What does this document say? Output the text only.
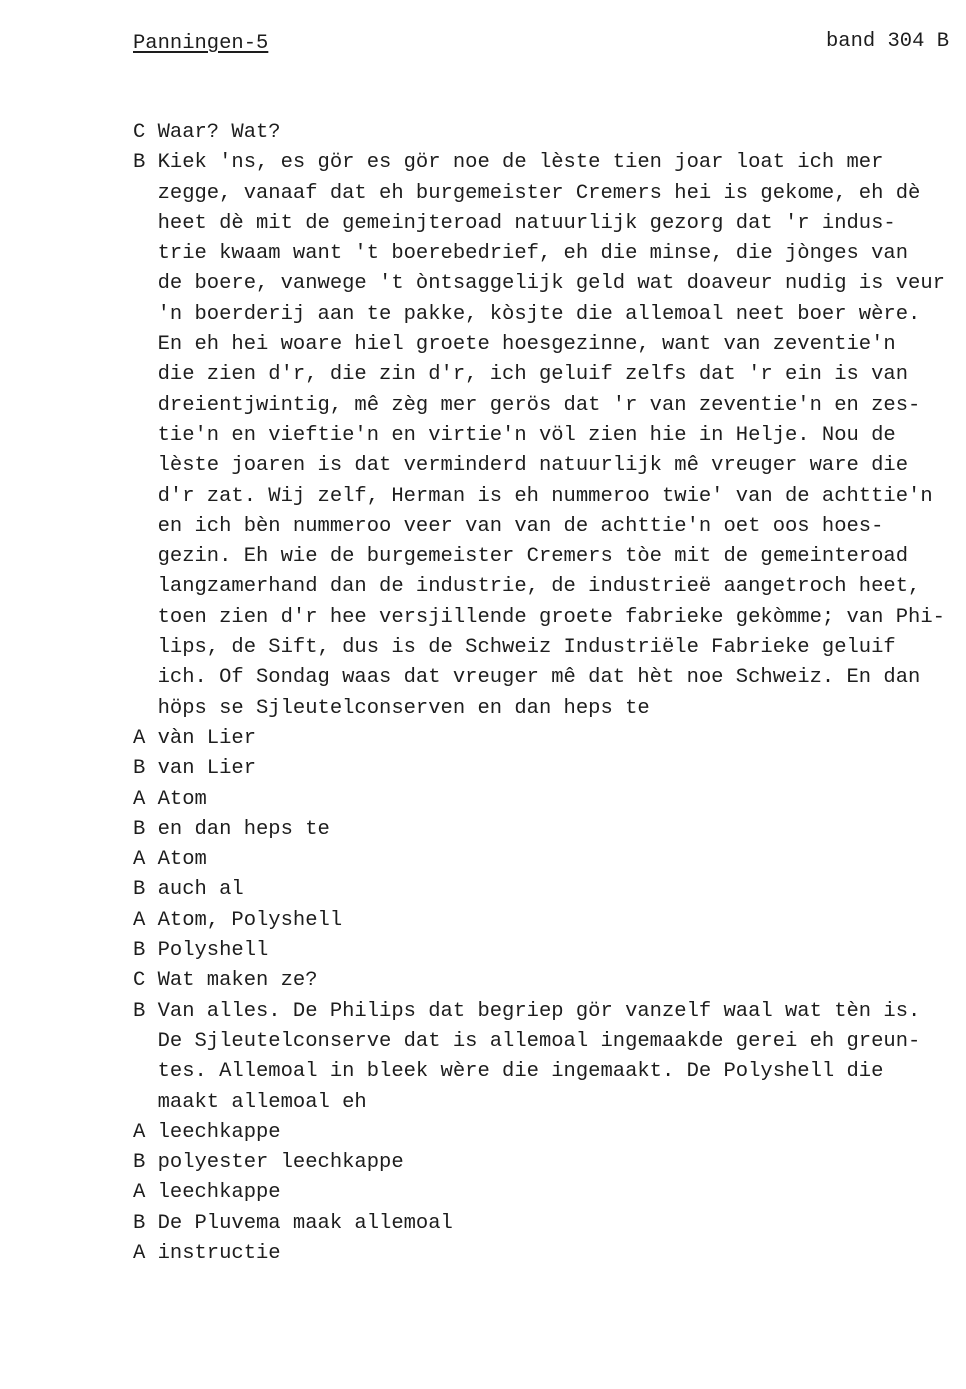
Panningen-5	band 304 B
C Waar? Wat?
B Kiek 'ns, es gör es gör noe de lèste tien joar loat ich mer
zegge, vanaaf dat eh burgemeister Cremers hei is gekome, eh dè
heet dè mit de gemeinjteroad natuurlijk gezorg dat 'r indus-
trie kwaam want 't boerebedrief, eh die minse, die jònges van
de boere, vanwege 't òntsaggelijk geld wat doaveur nudig is veur
'n boerderij aan te pakke, kòsjte die allemoal neet boer wère.
En eh hei woare hiel groete hoesgezinne, want van zeventie'n
die zien d'r, die zin d'r, ich geluif zelfs dat 'r ein is van
dreientjwintig, mê zèg mer gerös dat 'r van zeventie'n en zes-
tie'n en vieftie'n en virtie'n völ zien hie in Helje. Nou de
lèste joaren is dat verminderd natuurlijk mê vreuger ware die
d'r zat. Wij zelf, Herman is eh nummeroo twie' van de achttie'n
en ich bèn nummeroo veer van van de achttie'n oet oos hoes-
gezin. Eh wie de burgemeister Cremers tòe mit de gemeinteroad
langzamerhand dan de industrie, de industrieë aangetroch heet,
toen zien d'r hee versjillende groete fabrieke gekòmme; van Phi-
lips, de Sift, dus is de Schweiz Industriële Fabrieke geluif
ich. Of Sondag waas dat vreuger mê dat hèt noe Schweiz. En dan
höps se Sjleutelconserven en dan heps te
A vàn Lier
B van Lier
A Atom
B en dan heps te
A Atom
B auch al
A Atom, Polyshell
B Polyshell
C Wat maken ze?
B Van alles. De Philips dat begriep gör vanzelf waal wat tèn is.
De Sjleutelconserve dat is allemoal ingemaakde gerei eh greun-
tes. Allemoal in bleek wère die ingemaakt. De Polyshell die
maakt allemoal eh
A leechkappe
B polyester leechkappe
A leechkappe
B De Pluvema maak allemoal
A instructie
